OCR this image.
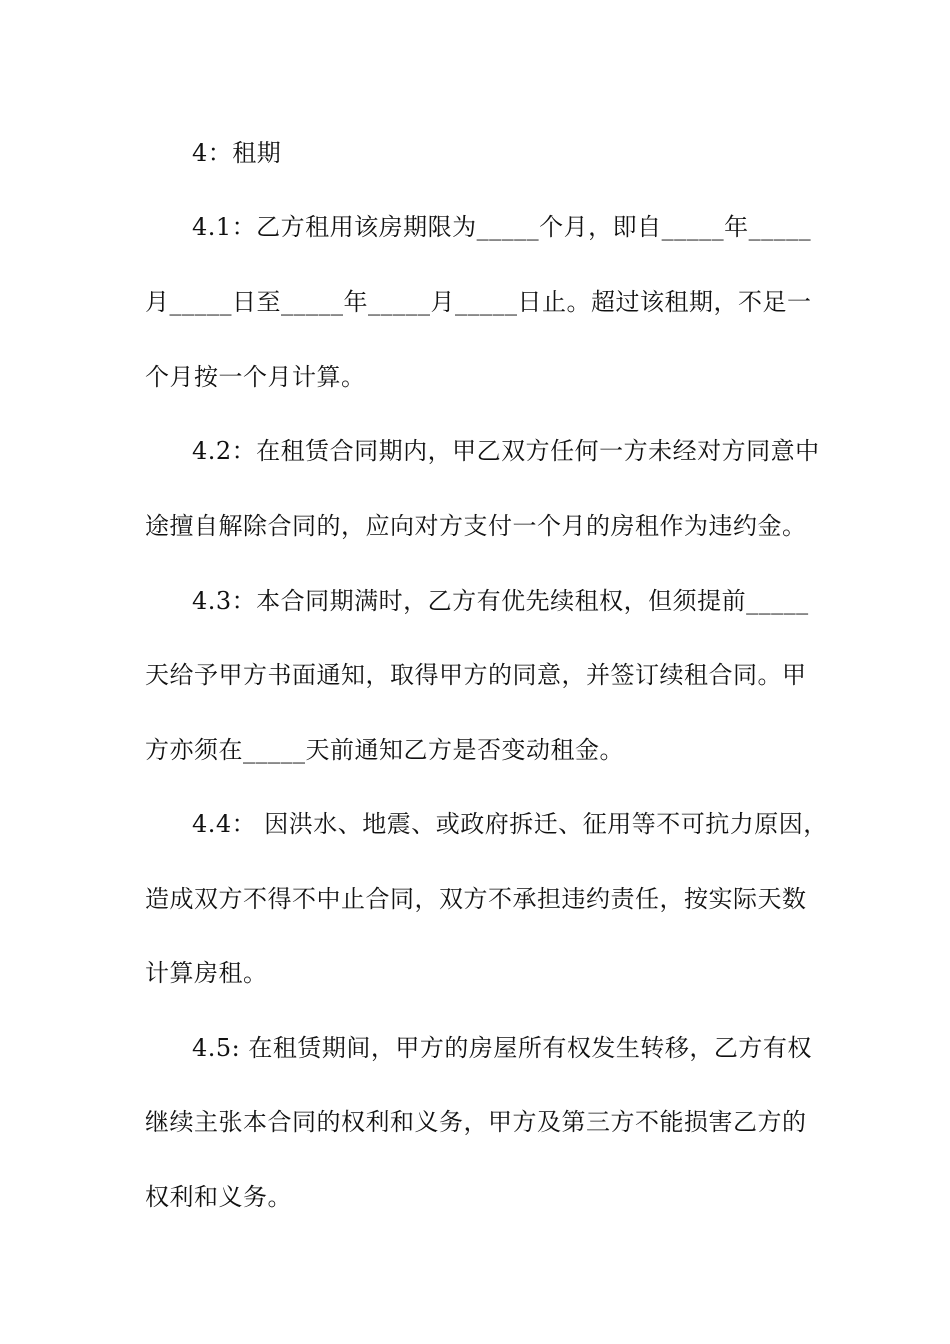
4：租期
4.1：乙方租用该房期限为_____个月，即自_____年_____
月_____日至_____年_____月_____日止。超过该租期，不足一
个月按一个月计算。
4.2：在租赁合同期内，甲乙双方任何一方未经对方同意中
途擅自解除合同的，应向对方支付一个月的房租作为违约金。
4.3：本合同期满时，乙方有优先续租权，但须提前_____
天给予甲方书面通知，取得甲方的同意，并签订续租合同。甲
方亦须在_____天前通知乙方是否变动租金。
4.4： 因洪水、地震、或政府拆迁、征用等不可抗力原因，
造成双方不得不中止合同，双方不承担违约责任，按实际天数
计算房租。
4.5: 在租赁期间，甲方的房屋所有权发生转移，乙方有权
继续主张本合同的权利和义务，甲方及第三方不能损害乙方的
权利和义务。
